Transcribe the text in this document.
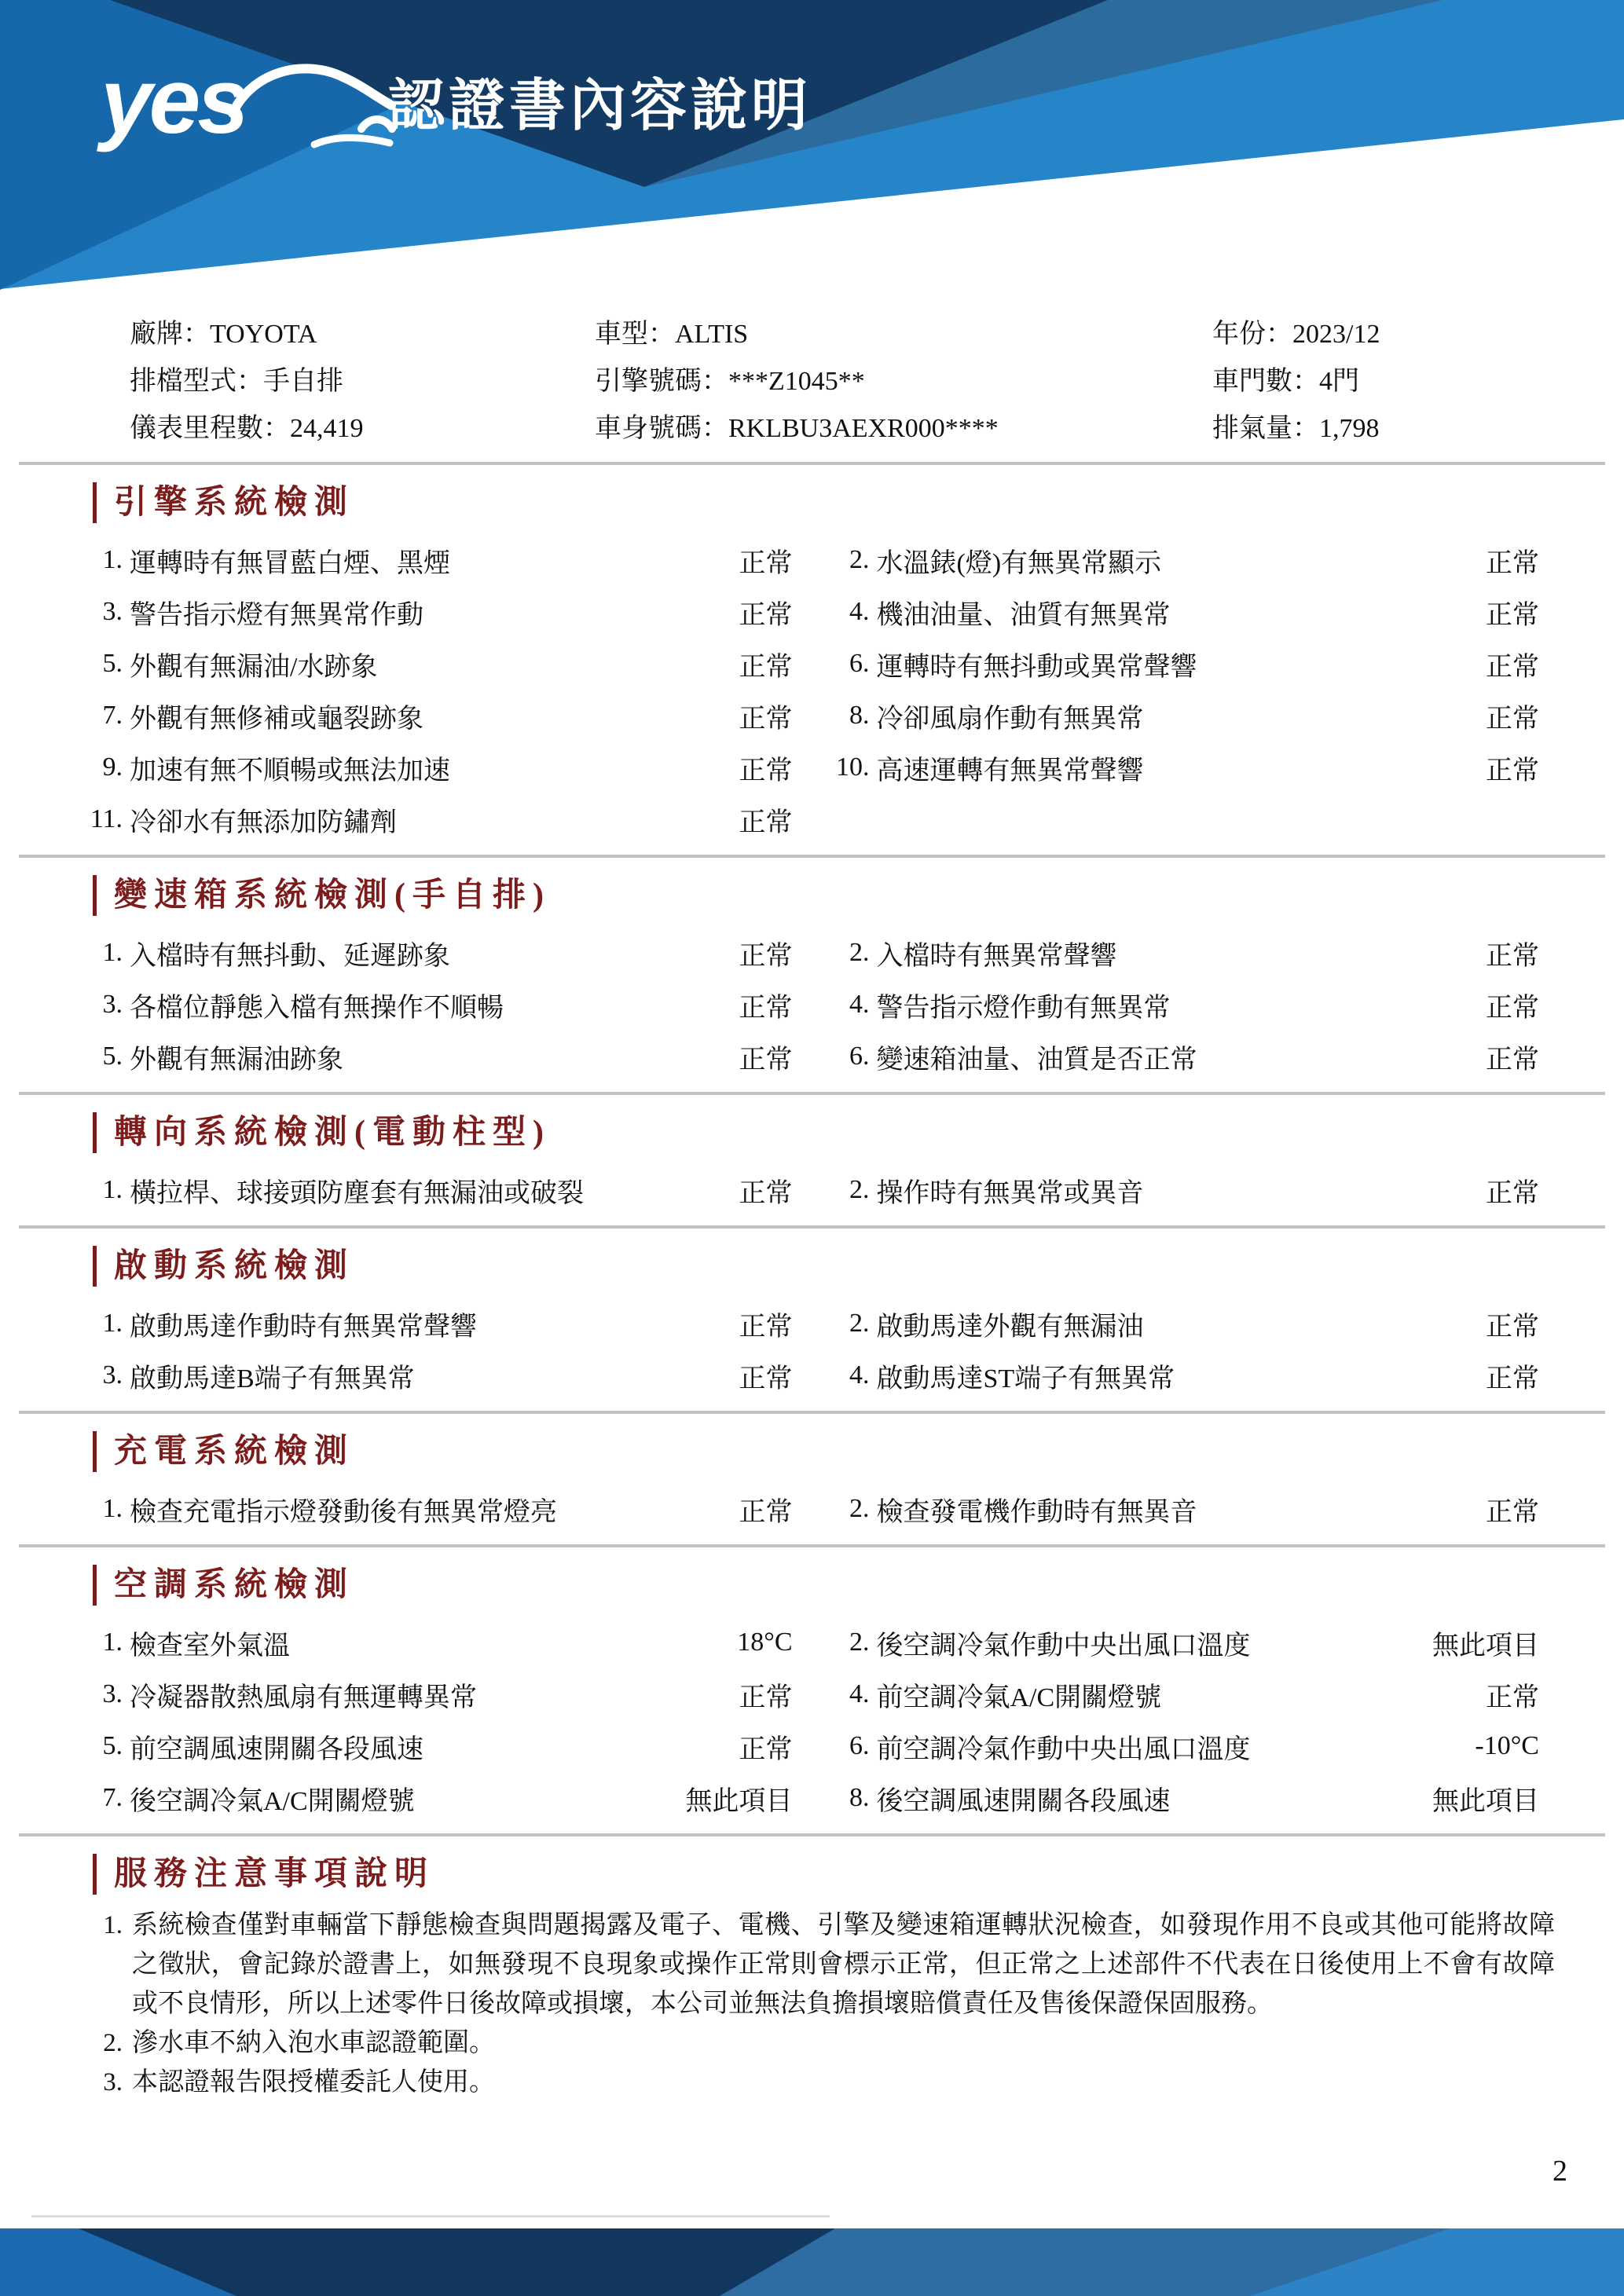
yes	認證書內容說明
廠牌：TOYOTA	車型：ALTIS	年份：2023/12
排檔型式：手自排	引擎號碼：***Z1045**	車門數：4門
儀表里程數：24,419	車身號碼：RKLBU3AEXR000****	排氣量：1,798
引擎系統檢測
1. 運轉時有無冒藍白煙、黑煙	正常	2. 水溫錶(燈)有無異常顯示	正常
3. 警告指示燈有無異常作動	正常	4. 機油油量、油質有無異常	正常
5. 外觀有無漏油/水跡象	正常	6. 運轉時有無抖動或異常聲響	正常
7. 外觀有無修補或龜裂跡象	正常	8. 冷卻風扇作動有無異常	正常
9. 加速有無不順暢或無法加速	正常	10. 高速運轉有無異常聲響	正常
11. 冷卻水有無添加防鏽劑	正常
變速箱系統檢測(手自排)
1. 入檔時有無抖動、延遲跡象	正常	2. 入檔時有無異常聲響	正常
3. 各檔位靜態入檔有無操作不順暢	正常	4. 警告指示燈作動有無異常	正常
5. 外觀有無漏油跡象	正常	6. 變速箱油量、油質是否正常	正常
轉向系統檢測(電動柱型)
1. 橫拉桿、球接頭防塵套有無漏油或破裂	正常	2. 操作時有無異常或異音	正常
啟動系統檢測
1. 啟動馬達作動時有無異常聲響	正常	2. 啟動馬達外觀有無漏油	正常
3. 啟動馬達B端子有無異常	正常	4. 啟動馬達ST端子有無異常	正常
充電系統檢測
1. 檢查充電指示燈發動後有無異常燈亮	正常	2. 檢查發電機作動時有無異音	正常
空調系統檢測
1. 檢查室外氣溫	18°C	2. 後空調冷氣作動中央出風口溫度	無此項目
3. 冷凝器散熱風扇有無運轉異常	正常	4. 前空調冷氣A/C開關燈號	正常
5. 前空調風速開關各段風速	正常	6. 前空調冷氣作動中央出風口溫度	-10°C
7. 後空調冷氣A/C開關燈號	無此項目	8. 後空調風速開關各段風速	無此項目
服務注意事項說明
1. 系統檢查僅對車輛當下靜態檢查與問題揭露及電子、電機、引擎及變速箱運轉狀況檢查，如發現作用不良或其他可能將故障之徵狀，會記錄於證書上，如無發現不良現象或操作正常則會標示正常，但正常之上述部件不代表在日後使用上不會有故障或不良情形，所以上述零件日後故障或損壞，本公司並無法負擔損壞賠償責任及售後保證保固服務。
2. 滲水車不納入泡水車認證範圍。
3. 本認證報告限授權委託人使用。
2
